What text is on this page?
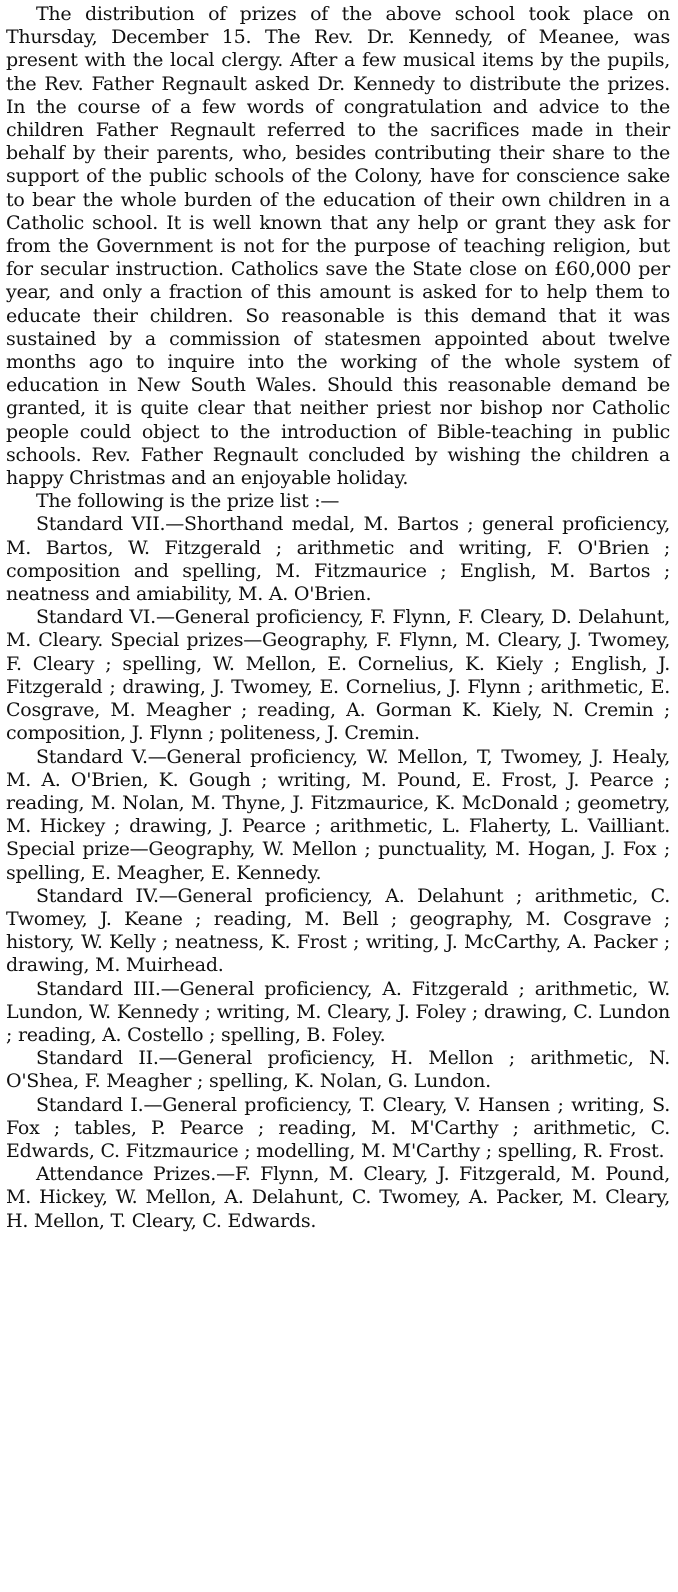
The distribution of prizes of the above school took place on Thursday, December 15. The Rev. Dr. Kennedy, of Meanee, was present with the local clergy. After a few musical items by the pupils, the Rev. Father Regnault asked Dr. Kennedy to distribute the prizes. In the course of a few words of congratulation and advice to the children Father Regnault referred to the sacrifices made in their behalf by their parents, who, besides contributing their share to the support of the public schools of the Colony, have for conscience sake to bear the whole burden of the education of their own children in a Catholic school. It is well known that any help or grant they ask for from the Government is not for the purpose of teaching religion, but for secular instruction. Catholics save the State close on £60,000 per year, and only a fraction of this amount is asked for to help them to educate their children. So reasonable is this demand that it was sustained by a commission of statesmen appointed about twelve months ago to inquire into the working of the whole system of education in New South Wales. Should this reasonable demand be granted, it is quite clear that neither priest nor bishop nor Catholic people could object to the introduction of Bible-teaching in public schools. Rev. Father Regnault concluded by wishing the children a happy Christmas and an enjoyable holiday.

The following is the prize list :—

Standard VII.—Shorthand medal, M. Bartos ; general proficiency, M. Bartos, W. Fitzgerald ; arithmetic and writing, F. O'Brien ; composition and spelling, M. Fitzmaurice ; English, M. Bartos ; neatness and amiability, M. A. O'Brien.

Standard VI.—General proficiency, F. Flynn, F. Cleary, D. Delahunt, M. Cleary. Special prizes—Geography, F. Flynn, M. Cleary, J. Twomey, F. Cleary ; spelling, W. Mellon, E. Cornelius, K. Kiely ; English, J. Fitzgerald ; drawing, J. Twomey, E. Cornelius, J. Flynn ; arithmetic, E. Cosgrave, M. Meagher ; reading, A. Gorman K. Kiely, N. Cremin ; composition, J. Flynn ; politeness, J. Cremin.

Standard V.—General proficiency, W. Mellon, T, Twomey, J. Healy, M. A. O'Brien, K. Gough ; writing, M. Pound, E. Frost, J. Pearce ; reading, M. Nolan, M. Thyne, J. Fitzmaurice, K. McDonald ; geometry, M. Hickey ; drawing, J. Pearce ; arithmetic, L. Flaherty, L. Vailliant. Special prize—Geography, W. Mellon ; punctuality, M. Hogan, J. Fox ; spelling, E. Meagher, E. Kennedy.

Standard IV.—General proficiency, A. Delahunt ; arithmetic, C. Twomey, J. Keane ; reading, M. Bell ; geography, M. Cosgrave ; history, W. Kelly ; neatness, K. Frost ; writing, J. McCarthy, A. Packer ; drawing, M. Muirhead.

Standard III.—General proficiency, A. Fitzgerald ; arithmetic, W. Lundon, W. Kennedy ; writing, M. Cleary, J. Foley ; drawing, C. Lundon ; reading, A. Costello ; spelling, B. Foley.

Standard II.—General proficiency, H. Mellon ; arithmetic, N. O'Shea, F. Meagher ; spelling, K. Nolan, G. Lundon.

Standard I.—General proficiency, T. Cleary, V. Hansen ; writing, S. Fox ; tables, P. Pearce ; reading, M. M'Carthy ; arithmetic, C. Edwards, C. Fitzmaurice ; modelling, M. M'Carthy ; spelling, R. Frost.

Attendance Prizes.—F. Flynn, M. Cleary, J. Fitzgerald, M. Pound, M. Hickey, W. Mellon, A. Delahunt, C. Twomey, A. Packer, M. Cleary, H. Mellon, T. Cleary, C. Edwards.
